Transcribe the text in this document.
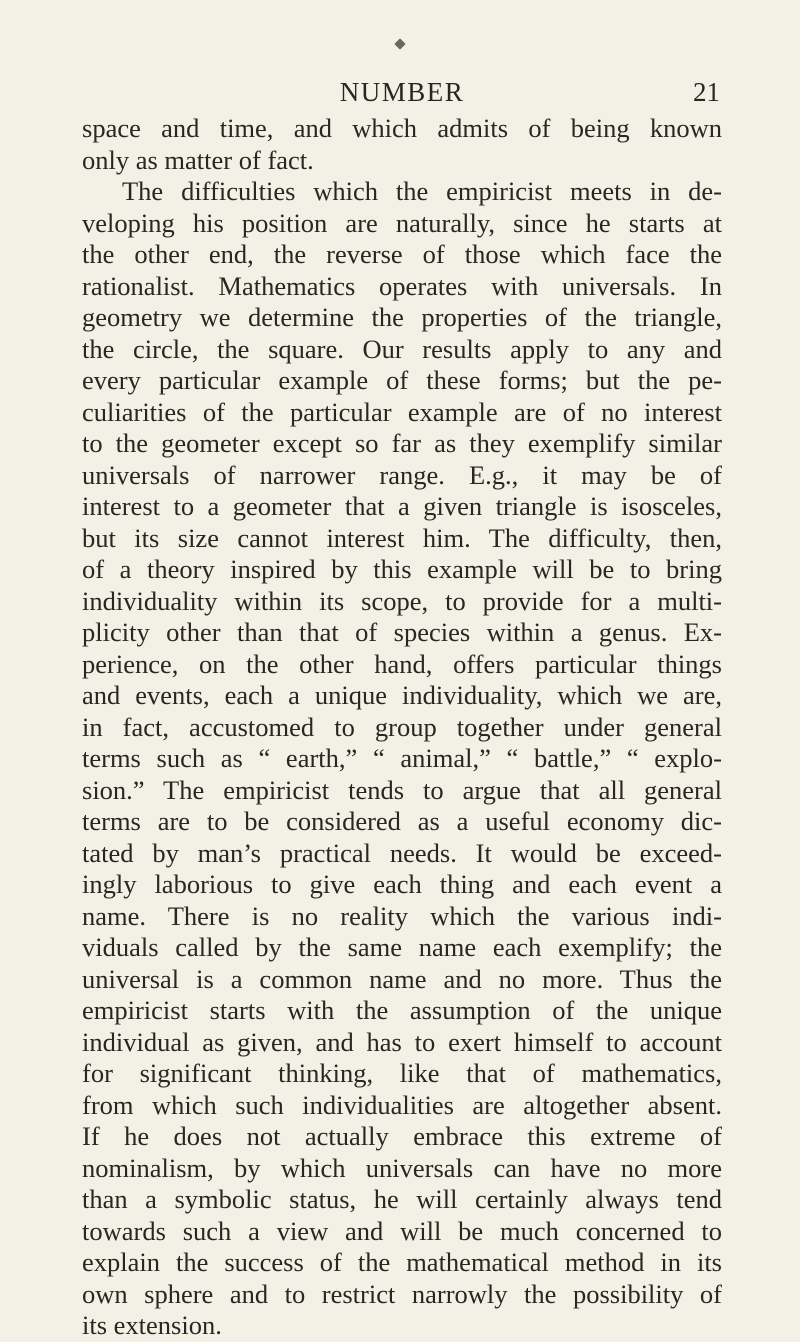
NUMBER	21
space and time, and which admits of being known
only as matter of fact.
The difficulties which the empiricist meets in de-
veloping his position are naturally, since he starts at
the other end, the reverse of those which face the
rationalist. Mathematics operates with universals. In
geometry we determine the properties of the triangle,
the circle, the square. Our results apply to any and
every particular example of these forms; but the pe-
culiarities of the particular example are of no interest
to the geometer except so far as they exemplify similar
universals of narrower range. E.g., it may be of
interest to a geometer that a given triangle is isosceles,
but its size cannot interest him. The difficulty, then,
of a theory inspired by this example will be to bring
individuality within its scope, to provide for a multi-
plicity other than that of species within a genus. Ex-
perience, on the other hand, offers particular things
and events, each a unique individuality, which we are,
in fact, accustomed to group together under general
terms such as “ earth,” “ animal,” “ battle,” “ explo-
sion.” The empiricist tends to argue that all general
terms are to be considered as a useful economy dic-
tated by man’s practical needs. It would be exceed-
ingly laborious to give each thing and each event a
name. There is no reality which the various indi-
viduals called by the same name each exemplify; the
universal is a common name and no more. Thus the
empiricist starts with the assumption of the unique
individual as given, and has to exert himself to account
for significant thinking, like that of mathematics,
from which such individualities are altogether absent.
If he does not actually embrace this extreme of
nominalism, by which universals can have no more
than a symbolic status, he will certainly always tend
towards such a view and will be much concerned to
explain the success of the mathematical method in its
own sphere and to restrict narrowly the possibility of
its extension.
